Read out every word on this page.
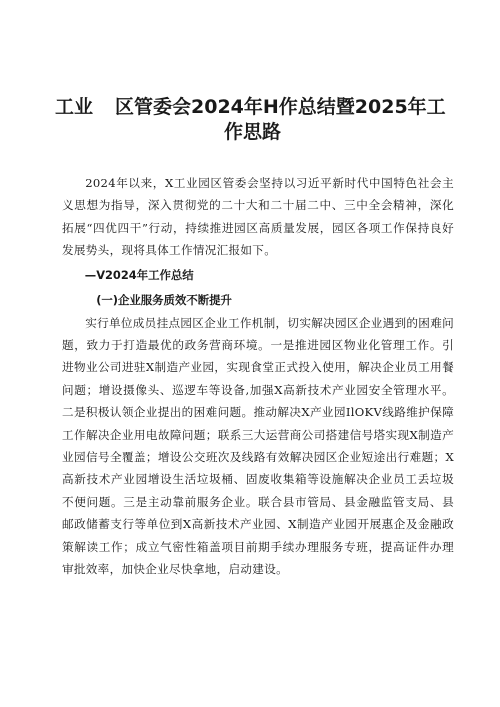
工业 区管委会2024年H作总结暨2025年工
作思路

2024年以来，X工业园区管委会坚持以习近平新时代中国特色社会主义思想为指导，深入贯彻党的二十大和二十届二中、三中全会精神，深化拓展“四优四干”行动，持续推进园区高质量发展，园区各项工作保持良好发展势头，现将具体工作情况汇报如下。

—V2024年工作总结

(一)企业服务质效不断提升

实行单位成员挂点园区企业工作机制，切实解决园区企业遇到的困难问题，致力于打造最优的政务营商环境。一是推进园区物业化管理工作。引进物业公司进驻X制造产业园，实现食堂正式投入使用，解决企业员工用餐问题；增设摄像头、巡逻车等设备,加强X高新技术产业园安全管理水平。二是积极认领企业提出的困难问题。推动解决X产业园IlOKV线路维护保障工作解决企业用电故障问题；联系三大运营商公司搭建信号塔实现X制造产业园信号全覆盖；增设公交班次及线路有效解决园区企业短途出行难题；X高新技术产业园增设生活垃圾桶、固废收集箱等设施解决企业员工丢垃圾不便问题。三是主动靠前服务企业。联合县市管局、县金融监管支局、县邮政储蓄支行等单位到X高新技术产业园、X制造产业园开展惠企及金融政策解读工作；成立气密性箱盖项目前期手续办理服务专班，提高证件办理审批效率，加快企业尽快拿地，启动建设。
